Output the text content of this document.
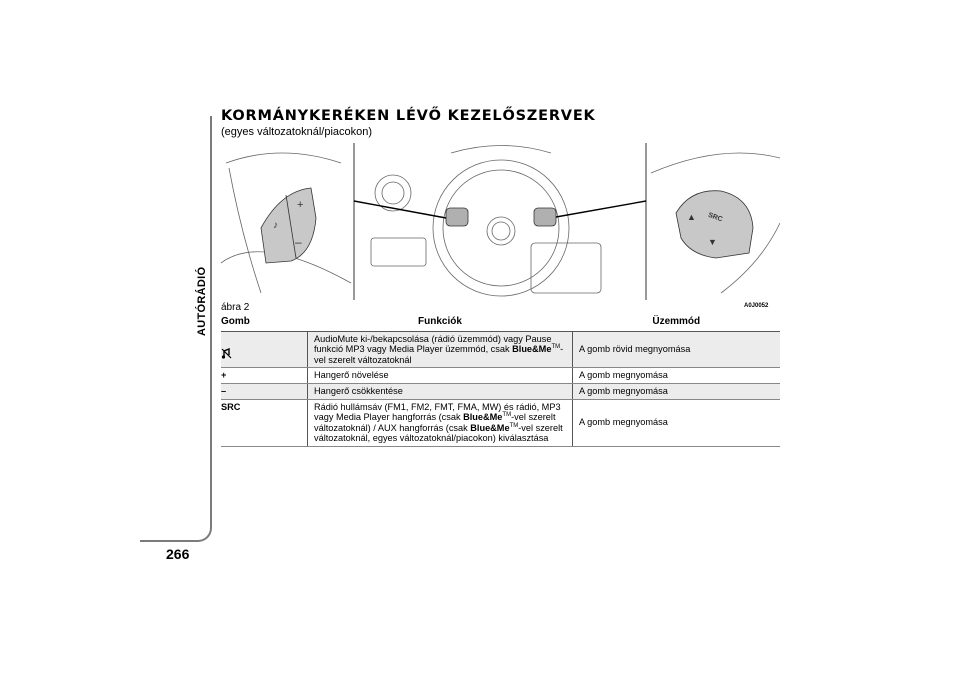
AUTÓRÁDIÓ
266
KORMÁNYKERÉKEN LÉVŐ KEZELŐSZERVEK
(egyes változatoknál/piacokon)
♪
+
–
▲
▼
SRC
ábra 2	A0J0052
Gomb	Funkciók	Üzemmód
	AudioMute ki-/bekapcsolása (rádió üzemmód) vagy Pause funkció MP3 vagy Media Player üzemmód, csak Blue&Me™-vel szerelt változatoknál	A gomb rövid megnyomása
+	Hangerő növelése	A gomb megnyomása
–	Hangerő csökkentése	A gomb megnyomása
SRC	Rádió hullámsáv (FM1, FM2, FMT, FMA, MW) és rádió, MP3 vagy Media Player hangforrás (csak Blue&Me™-vel szerelt változatoknál) / AUX hangforrás (csak Blue&Me™-vel szerelt változatoknál, egyes változatoknál/piacokon) kiválasztása	A gomb megnyomása
